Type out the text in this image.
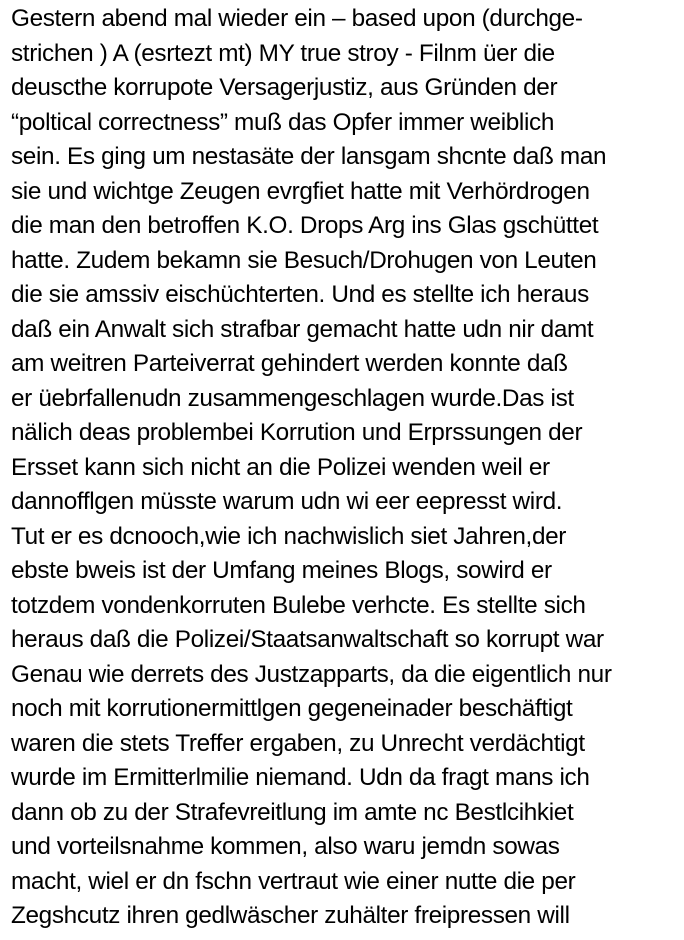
Gestern abend mal wieder ein – based upon (durchge-
strichen ) A (esrtezt mt) MY true stroy - Filnm üer die
deuscthe korrupote Versagerjustiz, aus Gründen der
“poltical correctness” muß das Opfer immer weiblich
sein. Es ging um nestasäte der lansgam shcnte daß man
sie und wichtge Zeugen evrgfiet hatte mit Verhördrogen
die man den betroffen K.O. Drops Arg ins Glas gschüttet
hatte. Zudem bekamn sie Besuch/Drohugen von Leuten
die sie amssiv eischüchterten. Und es stellte ich heraus
daß ein Anwalt sich strafbar gemacht hatte udn nir damt
am weitren Parteiverrat gehindert werden konnte daß
er üebrfallenudn zusammengeschlagen wurde.Das ist
nälich deas problembei Korrution und Erprssungen der
Ersset kann sich nicht an die Polizei wenden weil er
dannofflgen müsste warum udn wi eer eepresst wird.
Tut er es dcnooch,wie ich nachwislich siet Jahren,der
ebste bweis ist der Umfang meines Blogs, sowird er
totzdem vondenkorruten Bulebe verhcte. Es stellte sich
heraus daß die Polizei/Staatsanwaltschaft so korrupt war
Genau wie derrets des Justzapparts, da die eigentlich nur
noch mit korrutionermittlgen gegeneinader beschäftigt
waren die stets Treffer ergaben, zu Unrecht verdächtigt
wurde im Ermitterlmilie niemand. Udn da fragt mans ich
dann ob zu der Strafevreitlung im amte nc Bestlcihkiet
und vorteilsnahme kommen, also waru jemdn sowas
macht, wiel er dn fschn vertraut wie einer nutte die per
Zegshcutz ihren gedlwäscher zuhälter freipressen will
